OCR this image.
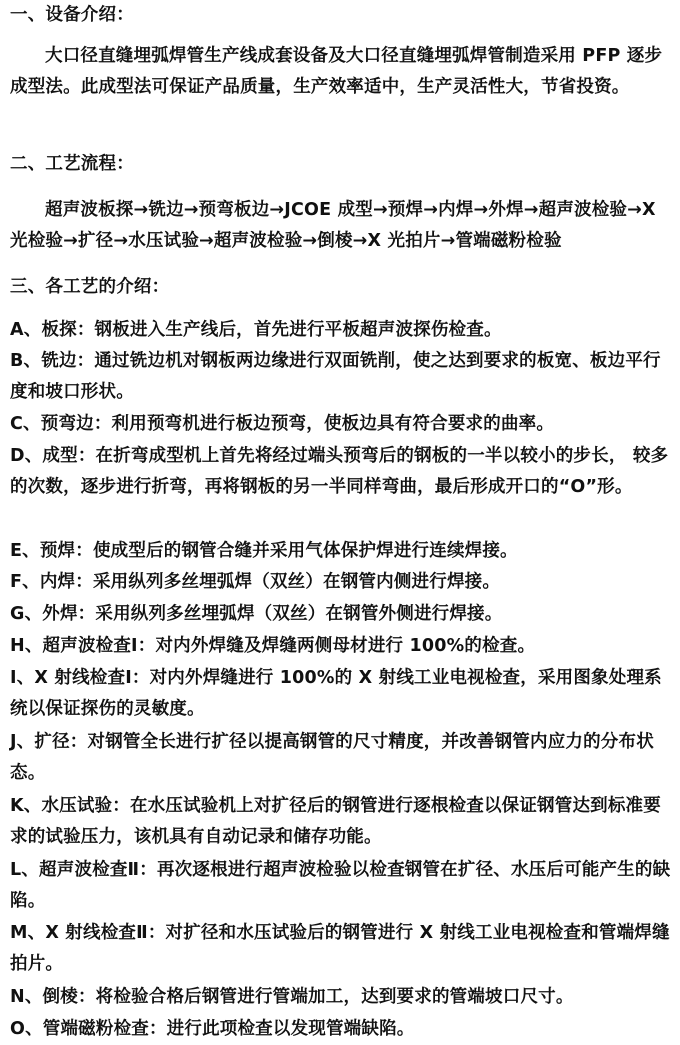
一、设备介绍：

大口径直缝埋弧焊管生产线成套设备及大口径直缝埋弧焊管制造采用 PFP 逐步成型法。此成型法可保证产品质量，生产效率适中，生产灵活性大，节省投资。

二、工艺流程：

超声波板探→铣边→预弯板边→JCOE 成型→预焊→内焊→外焊→超声波检验→X 光检验→扩径→水压试验→超声波检验→倒棱→X 光拍片→管端磁粉检验

三、各工艺的介绍：

A、板探：钢板进入生产线后，首先进行平板超声波探伤检查。

B、铣边：通过铣边机对钢板两边缘进行双面铣削，使之达到要求的板宽、板边平行度和坡口形状。

C、预弯边：利用预弯机进行板边预弯，使板边具有符合要求的曲率。

D、成型：在折弯成型机上首先将经过端头预弯后的钢板的一半以较小的步长， 较多的次数，逐步进行折弯，再将钢板的另一半同样弯曲，最后形成开口的“O”形。

E、预焊：使成型后的钢管合缝并采用气体保护焊进行连续焊接。

F、内焊：采用纵列多丝埋弧焊（双丝）在钢管内侧进行焊接。

G、外焊：采用纵列多丝埋弧焊（双丝）在钢管外侧进行焊接。

H、超声波检查Ⅰ：对内外焊缝及焊缝两侧母材进行 100%的检查。

I、X 射线检查Ⅰ：对内外焊缝进行 100%的 X 射线工业电视检查，采用图象处理系统以保证探伤的灵敏度。

J、扩径：对钢管全长进行扩径以提高钢管的尺寸精度，并改善钢管内应力的分布状态。

K、水压试验：在水压试验机上对扩径后的钢管进行逐根检查以保证钢管达到标准要求的试验压力，该机具有自动记录和储存功能。

L、超声波检查Ⅱ：再次逐根进行超声波检验以检查钢管在扩径、水压后可能产生的缺陷。

M、X 射线检查Ⅱ：对扩径和水压试验后的钢管进行 X 射线工业电视检查和管端焊缝拍片。

N、倒棱：将检验合格后钢管进行管端加工，达到要求的管端坡口尺寸。

O、管端磁粉检查：进行此项检查以发现管端缺陷。
